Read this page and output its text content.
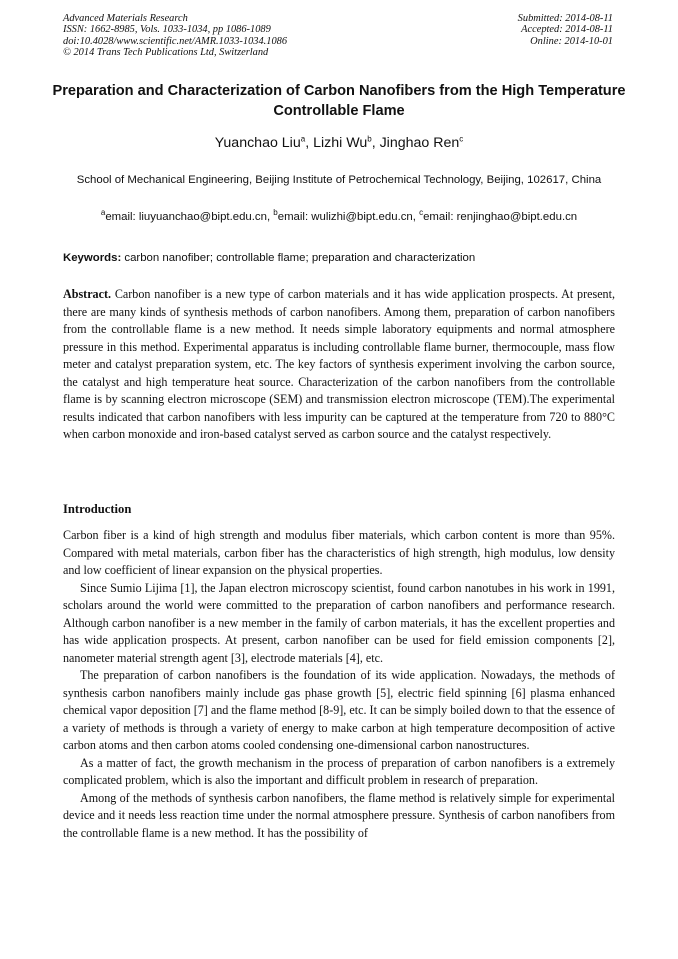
Advanced Materials Research
ISSN: 1662-8985, Vols. 1033-1034, pp 1086-1089
doi:10.4028/www.scientific.net/AMR.1033-1034.1086
© 2014 Trans Tech Publications Ltd, Switzerland
Submitted: 2014-08-11
Accepted: 2014-08-11
Online: 2014-10-01
Preparation and Characterization of Carbon Nanofibers from the High Temperature Controllable Flame
Yuanchao Liu$^a$, Lizhi Wu$^b$, Jinghao Ren$^c$
School of Mechanical Engineering, Beijing Institute of Petrochemical Technology, Beijing, 102617, China
$^a$email: liuyuanchao@bipt.edu.cn, $^b$email: wulizhi@bipt.edu.cn, $^c$email: renjinghao@bipt.edu.cn
Keywords: carbon nanofiber; controllable flame; preparation and characterization
Abstract. Carbon nanofiber is a new type of carbon materials and it has wide application prospects. At present, there are many kinds of synthesis methods of carbon nanofibers. Among them, preparation of carbon nanofibers from the controllable flame is a new method. It needs simple laboratory equipments and normal atmosphere pressure in this method. Experimental apparatus is including controllable flame burner, thermocouple, mass flow meter and catalyst preparation system, etc. The key factors of synthesis experiment involving the carbon source, the catalyst and high temperature heat source. Characterization of the carbon nanofibers from the controllable flame is by scanning electron microscope (SEM) and transmission electron microscope (TEM).The experimental results indicated that carbon nanofibers with less impurity can be captured at the temperature from 720 to 880°C when carbon monoxide and iron-based catalyst served as carbon source and the catalyst respectively.
Introduction

Carbon fiber is a kind of high strength and modulus fiber materials, which carbon content is more than 95%. Compared with metal materials, carbon fiber has the characteristics of high strength, high modulus, low density and low coefficient of linear expansion on the physical properties.

Since Sumio Lijima [1], the Japan electron microscopy scientist, found carbon nanotubes in his work in 1991, scholars around the world were committed to the preparation of carbon nanofibers and performance research. Although carbon nanofiber is a new member in the family of carbon materials, it has the excellent properties and has wide application prospects. At present, carbon nanofiber can be used for field emission components [2], nanometer material strength agent [3], electrode materials [4], etc.

The preparation of carbon nanofibers is the foundation of its wide application. Nowadays, the methods of synthesis carbon nanofibers mainly include gas phase growth [5], electric field spinning [6] plasma enhanced chemical vapor deposition [7] and the flame method [8-9], etc. It can be simply boiled down to that the essence of a variety of methods is through a variety of energy to make carbon at high temperature decomposition of active carbon atoms and then carbon atoms cooled condensing one-dimensional carbon nanostructures.

As a matter of fact, the growth mechanism in the process of preparation of carbon nanofibers is a extremely complicated problem, which is also the important and difficult problem in research of preparation.

Among of the methods of synthesis carbon nanofibers, the flame method is relatively simple for experimental device and it needs less reaction time under the normal atmosphere pressure. Synthesis of carbon nanofibers from the controllable flame is a new method. It has the possibility of
